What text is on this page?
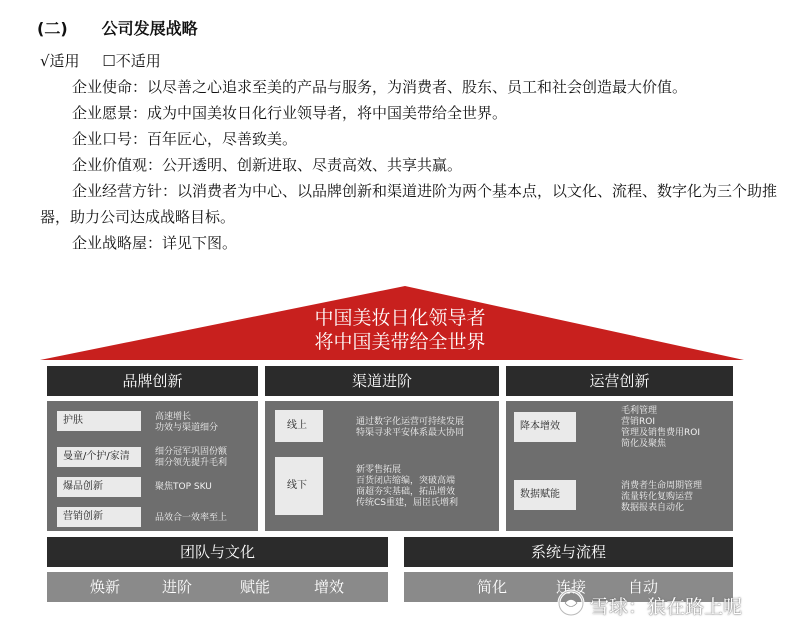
(二) 公司发展战略
√适用 ☐不适用

企业使命：以尽善之心追求至美的产品与服务，为消费者、股东、员工和社会创造最大价值。

企业愿景：成为中国美妆日化行业领导者，将中国美带给全世界。

企业口号：百年匠心，尽善致美。

企业价值观：公开透明、创新进取、尽责高效、共享共赢。

企业经营方针：以消费者为中心、以品牌创新和渠道进阶为两个基本点，以文化、流程、数字化为三个助推器，助力公司达成战略目标。

企业战略屋：详见下图。

中国美妆日化领导者
将中国美带给全世界
品牌创新
护肤	高速增长
功效与渠道细分
曼童/个护/家清	细分冠军巩固份额
细分领先提升毛利
爆品创新	聚焦TOP SKU
营销创新	品效合一效率至上
渠道进阶
线上	通过数字化运营可持续发展
特渠寻求平安体系最大协同
线下
新零售拓展
百货闭店缩编，突破高端
商超夯实基础，拓品增效
传统CS重建，屈臣氏增利
运营创新
降本增效
毛利管理
营销ROI
管理及销售费用ROI
简化及聚焦
数据赋能
消费者生命周期管理
流量转化复购运营
数据报表自动化
团队与文化
焕新	进阶	赋能	增效
系统与流程
简化	连接	自动
雪球：狼在路上呢
